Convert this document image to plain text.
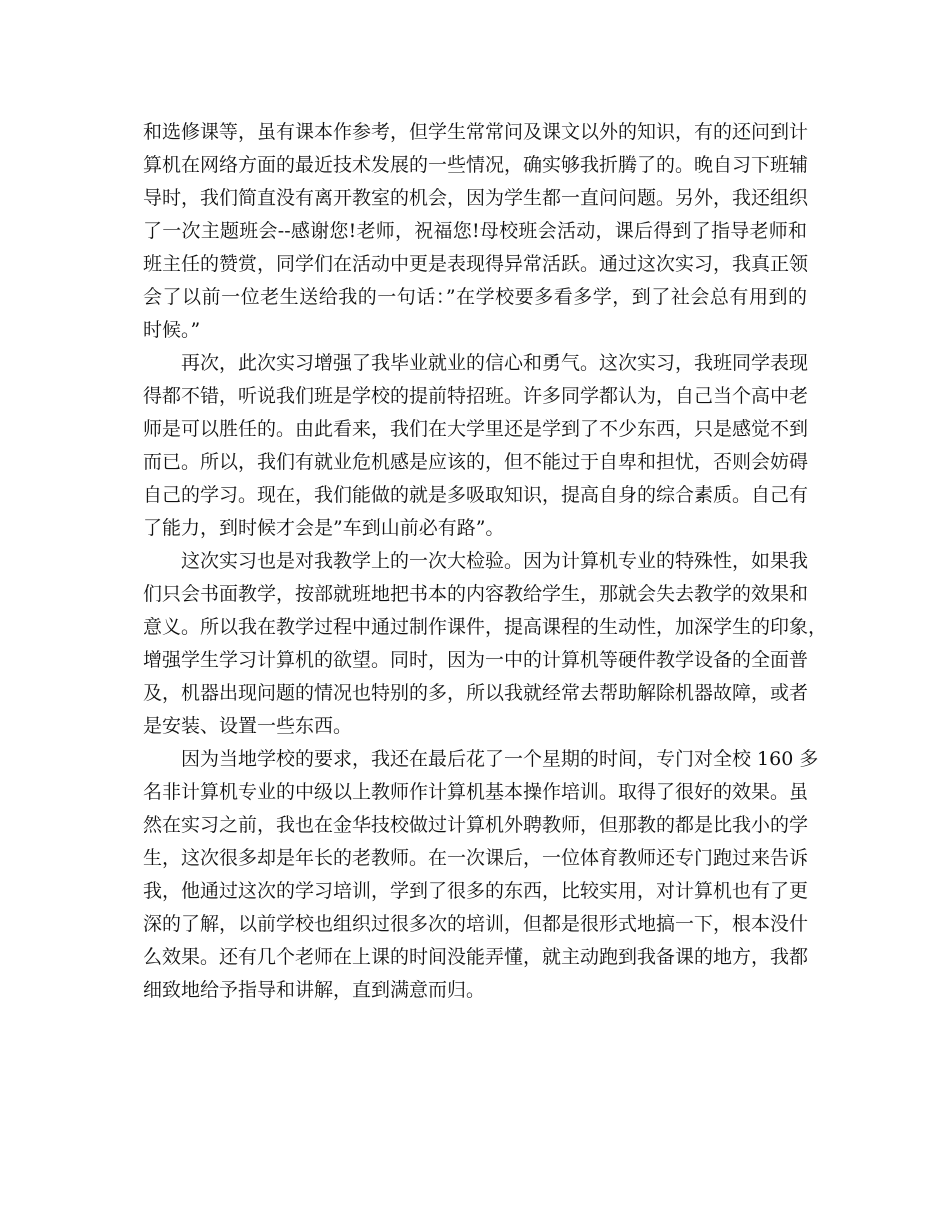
和选修课等，虽有课本作参考，但学生常常问及课文以外的知识，有的还问到计
算机在网络方面的最近技术发展的一些情况，确实够我折腾了的。晚自习下班辅
导时，我们简直没有离开教室的机会，因为学生都一直问问题。另外，我还组织
了一次主题班会--感谢您!老师，祝福您!母校班会活动，课后得到了指导老师和
班主任的赞赏，同学们在活动中更是表现得异常活跃。通过这次实习，我真正领
会了以前一位老生送给我的一句话：”在学校要多看多学，到了社会总有用到的
时候。”
再次，此次实习增强了我毕业就业的信心和勇气。这次实习，我班同学表现
得都不错，听说我们班是学校的提前特招班。许多同学都认为，自己当个高中老
师是可以胜任的。由此看来，我们在大学里还是学到了不少东西，只是感觉不到
而已。所以，我们有就业危机感是应该的，但不能过于自卑和担忧，否则会妨碍
自己的学习。现在，我们能做的就是多吸取知识，提高自身的综合素质。自己有
了能力，到时候才会是”车到山前必有路”。
这次实习也是对我教学上的一次大检验。因为计算机专业的特殊性，如果我
们只会书面教学，按部就班地把书本的内容教给学生，那就会失去教学的效果和
意义。所以我在教学过程中通过制作课件，提高课程的生动性，加深学生的印象，
增强学生学习计算机的欲望。同时，因为一中的计算机等硬件教学设备的全面普
及，机器出现问题的情况也特别的多，所以我就经常去帮助解除机器故障，或者
是安装、设置一些东西。
因为当地学校的要求，我还在最后花了一个星期的时间，专门对全校 160 多
名非计算机专业的中级以上教师作计算机基本操作培训。取得了很好的效果。虽
然在实习之前，我也在金华技校做过计算机外聘教师，但那教的都是比我小的学
生，这次很多却是年长的老教师。在一次课后，一位体育教师还专门跑过来告诉
我，他通过这次的学习培训，学到了很多的东西，比较实用，对计算机也有了更
深的了解，以前学校也组织过很多次的培训，但都是很形式地搞一下，根本没什
么效果。还有几个老师在上课的时间没能弄懂，就主动跑到我备课的地方，我都
细致地给予指导和讲解，直到满意而归。
